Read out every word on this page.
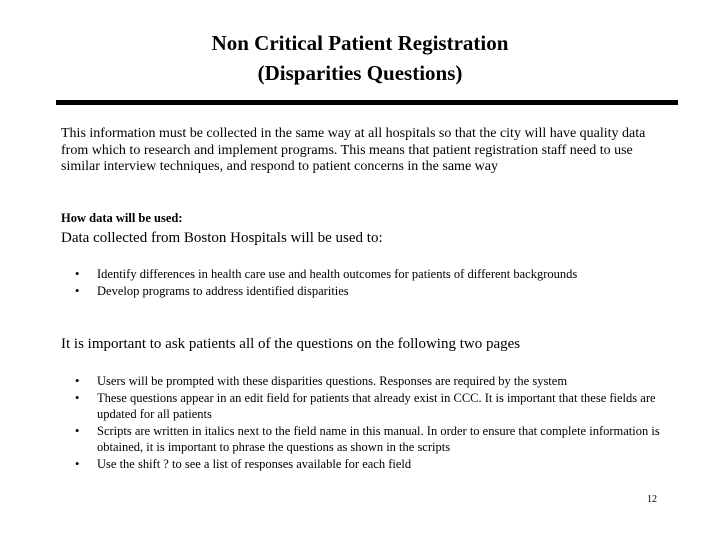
Non Critical Patient Registration
(Disparities Questions)
This information must be collected in the same way at all hospitals so that the city will have quality data from which to research and implement programs. This means that patient registration staff need to use similar interview techniques, and respond to patient concerns in the same way
How data will be used:
Data collected from Boston Hospitals will be used to:
• Identify differences in health care use and health outcomes for patients of different backgrounds
• Develop programs to address identified disparities
It is important to ask patients all of the questions on the following two pages
• Users will be prompted with these disparities questions. Responses are required by the system
• These questions appear in an edit field for patients that already exist in CCC. It is important that these fields are updated for all patients
• Scripts are written in italics next to the field name in this manual. In order to ensure that complete information is obtained, it is important to phrase the questions as shown in the scripts
• Use the shift ? to see a list of responses available for each field
12
